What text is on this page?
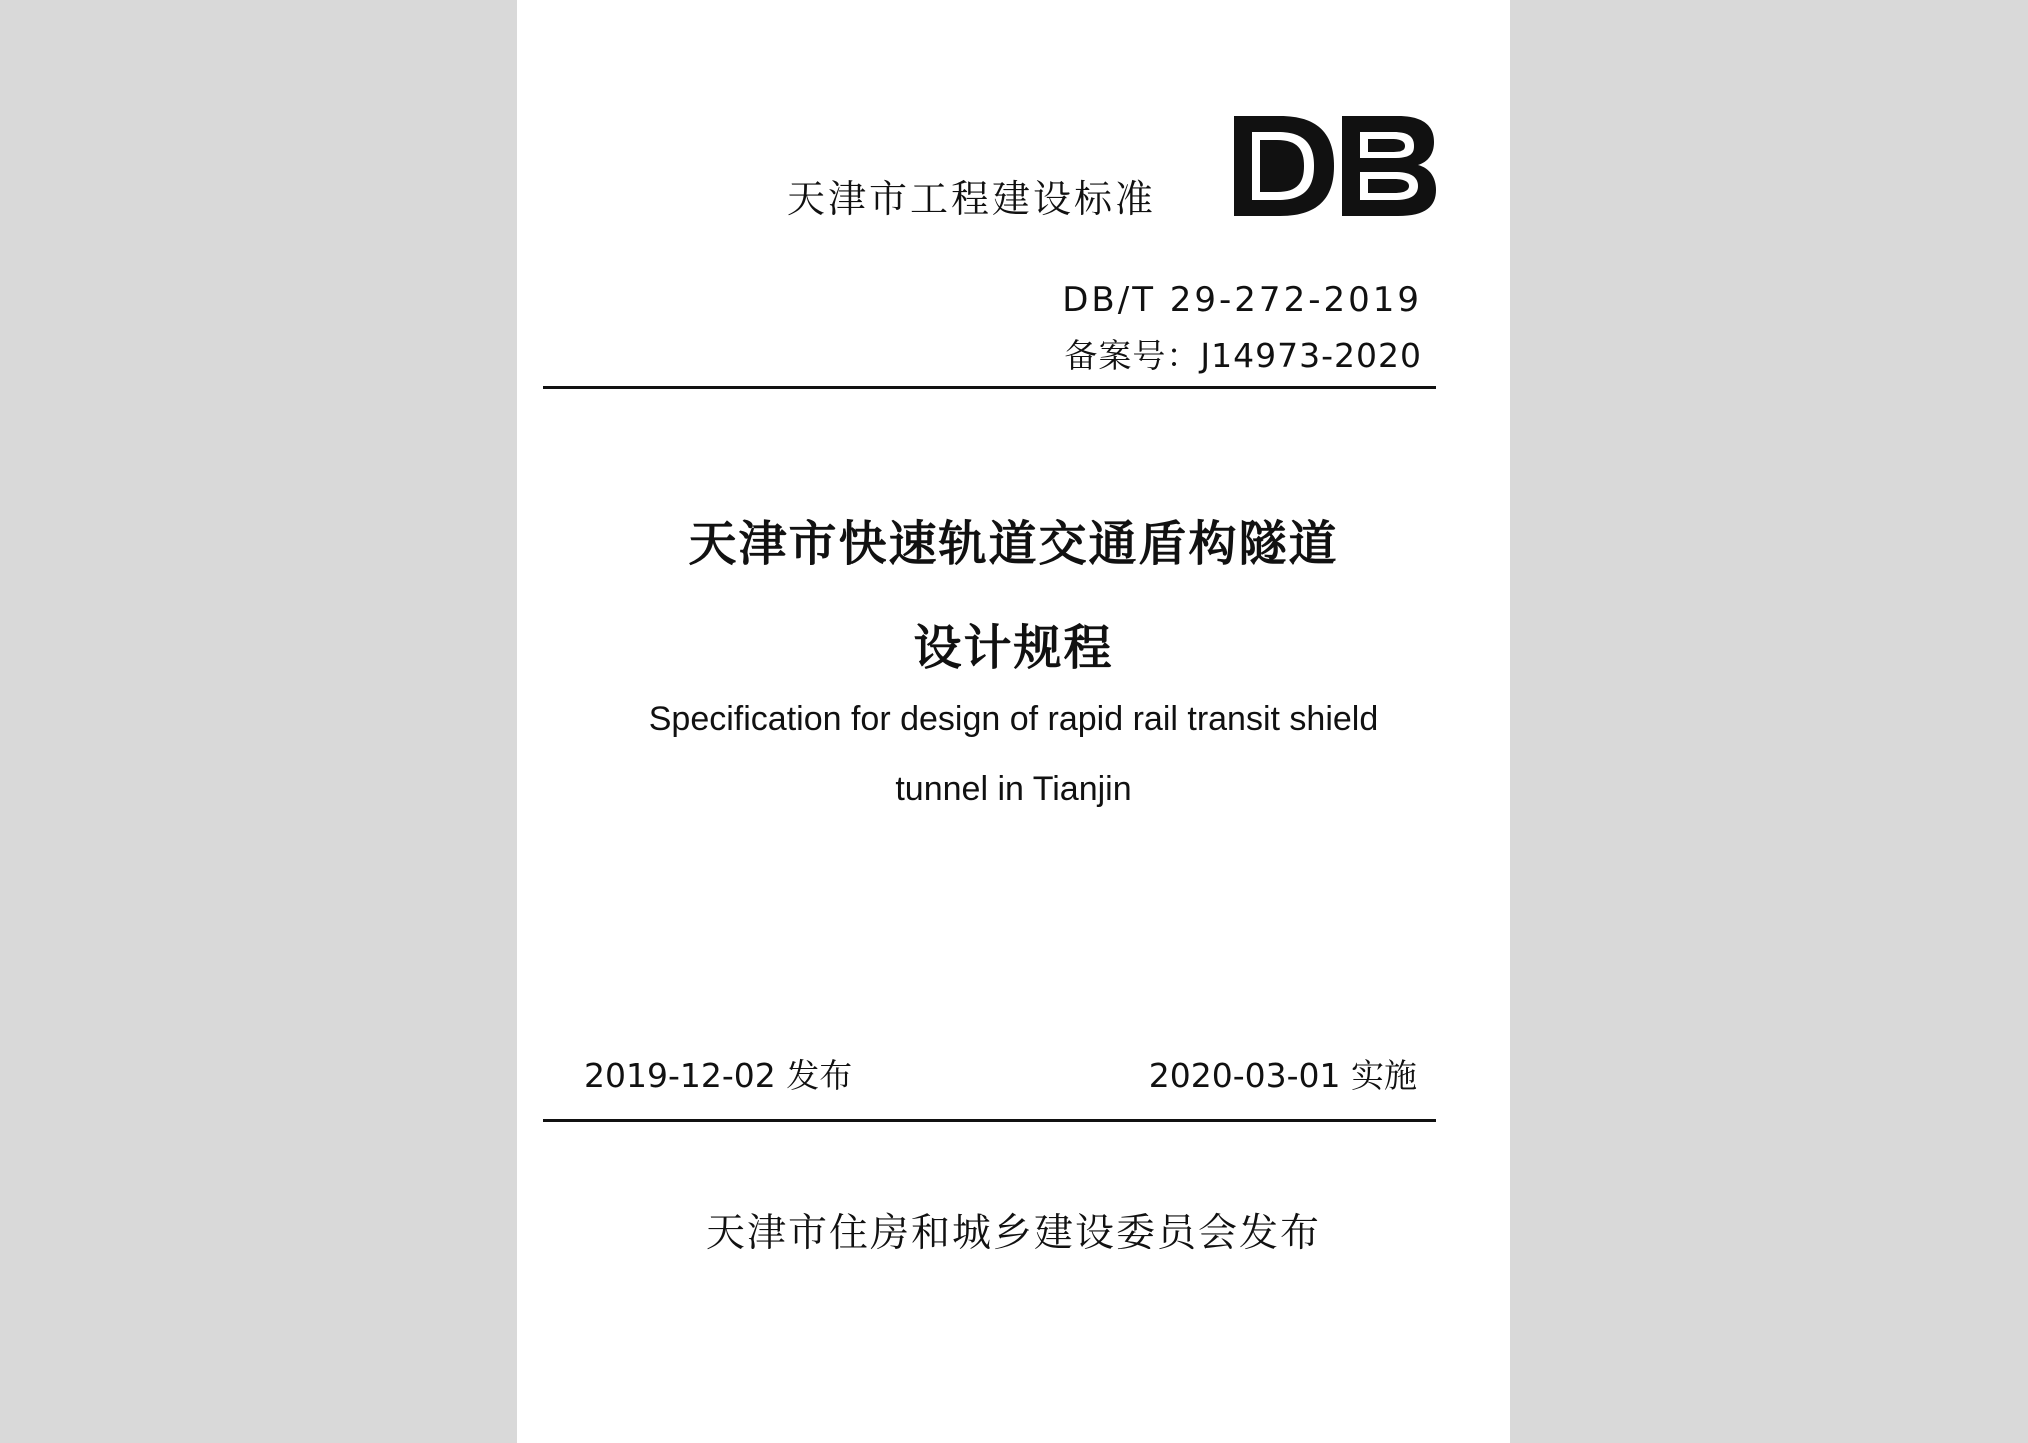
天津市工程建设标准
DB/T 29-272-2019
备案号：J14973-2020
天津市快速轨道交通盾构隧道
设计规程
Specification for design of rapid rail transit shield
tunnel in Tianjin
2019-12-02 发布	2020-03-01 实施
天津市住房和城乡建设委员会发布
